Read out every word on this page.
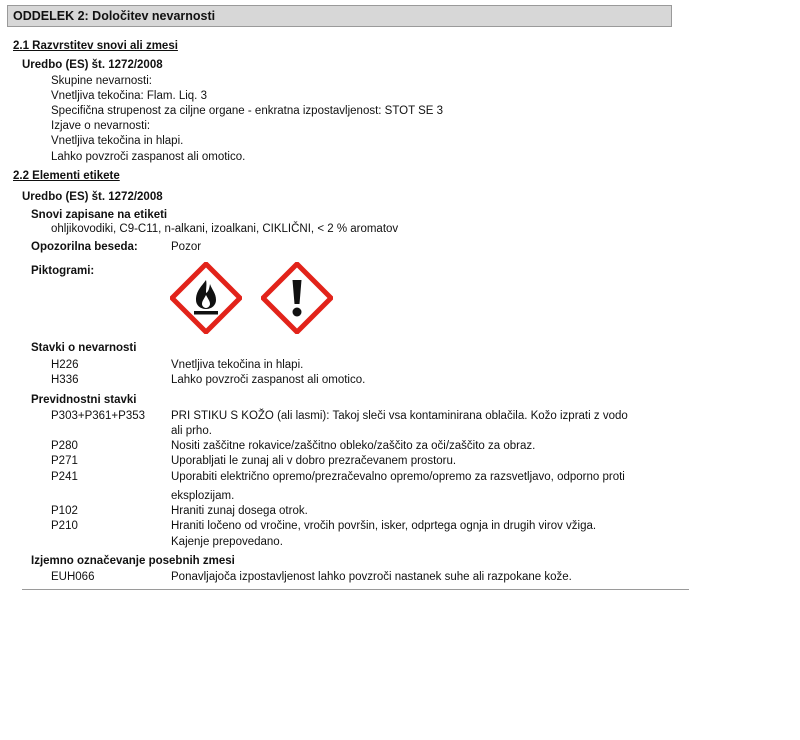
ODDELEK 2: Določitev nevarnosti
2.1 Razvrstitev snovi ali zmesi
Uredbo (ES) št. 1272/2008
Skupine nevarnosti:
Vnetljiva tekočina: Flam. Liq. 3
Specifična strupenost za ciljne organe - enkratna izpostavljenost: STOT SE 3
Izjave o nevarnosti:
Vnetljiva tekočina in hlapi.
Lahko povzroči zaspanost ali omotico.
2.2 Elementi etikete
Uredbo (ES) št. 1272/2008
Snovi zapisane na etiketi
ohljikovodiki, C9-C11, n-alkani, izoalkani, CIKLIČNI, < 2 % aromatov
Opozorilna beseda:	Pozor
Piktogrami:
Stavki o nevarnosti
H226	Vnetljiva tekočina in hlapi.
H336	Lahko povzroči zaspanost ali omotico.
Previdnostni stavki
P303+P361+P353 PRI STIKU S KOŽO (ali lasmi): Takoj sleči vsa kontaminirana oblačila. Kožo izprati z vodo
ali prho.
P280	Nositi zaščitne rokavice/zaščitno obleko/zaščito za oči/zaščito za obraz.
P271	Uporabljati le zunaj ali v dobro prezračevanem prostoru.
P241	Uporabiti električno opremo/prezračevalno opremo/opremo za razsvetljavo, odporno proti
eksplozijam.
P102	Hraniti zunaj dosega otrok.
P210	Hraniti ločeno od vročine, vročih površin, isker, odprtega ognja in drugih virov vžiga.
Kajenje prepovedano.
Izjemno označevanje posebnih zmesi
EUH066	Ponavljajoča izpostavljenost lahko povzroči nastanek suhe ali razpokane kože.
